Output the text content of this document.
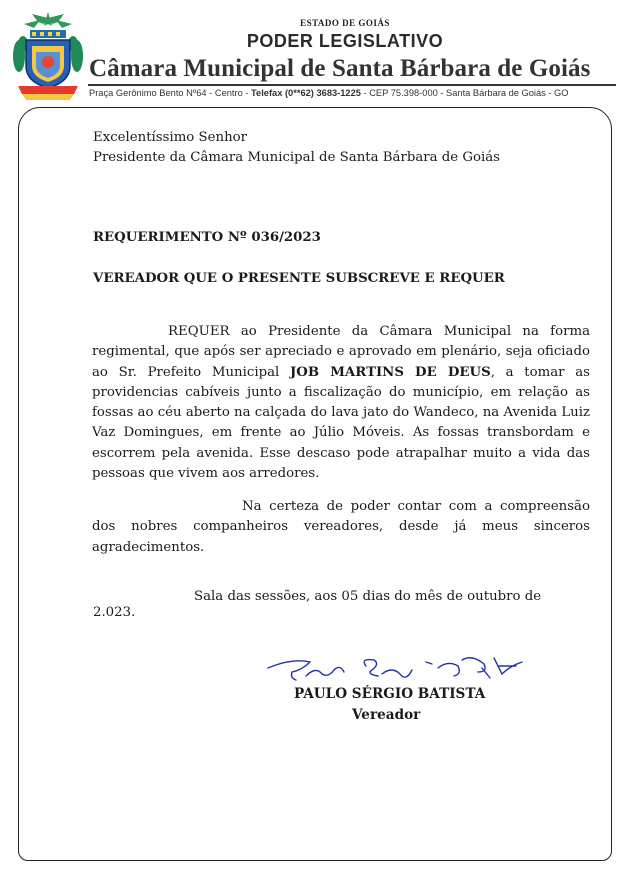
ESTADO DE GOIÁS
PODER LEGISLATIVO
Câmara Municipal de Santa Bárbara de Goiás
Praça Gerônimo Bento Nº64 - Centro - Telefax (0**62) 3683-1225 - CEP 75.398-000 - Santa Bárbara de Goiás - GO
Excelentíssimo Senhor
Presidente da Câmara Municipal de Santa Bárbara de Goiás
REQUERIMENTO Nº 036/2023
VEREADOR QUE O PRESENTE SUBSCREVE E REQUER
REQUER ao Presidente da Câmara Municipal na forma regimental, que após ser apreciado e aprovado em plenário, seja oficiado ao Sr. Prefeito Municipal JOB MARTINS DE DEUS, a tomar as providencias cabíveis junto a fiscalização do município, em relação as fossas ao céu aberto na calçada do lava jato do Wandeco, na Avenida Luiz Vaz Domingues, em frente ao Júlio Móveis. As fossas transbordam e escorrem pela avenida. Esse descaso pode atrapalhar muito a vida das pessoas que vivem aos arredores.
Na certeza de poder contar com a compreensão dos nobres companheiros vereadores, desde já meus sinceros agradecimentos.
Sala das sessões, aos 05 dias do mês de outubro de
2.023.
PAULO SÉRGIO BATISTA
Vereador
